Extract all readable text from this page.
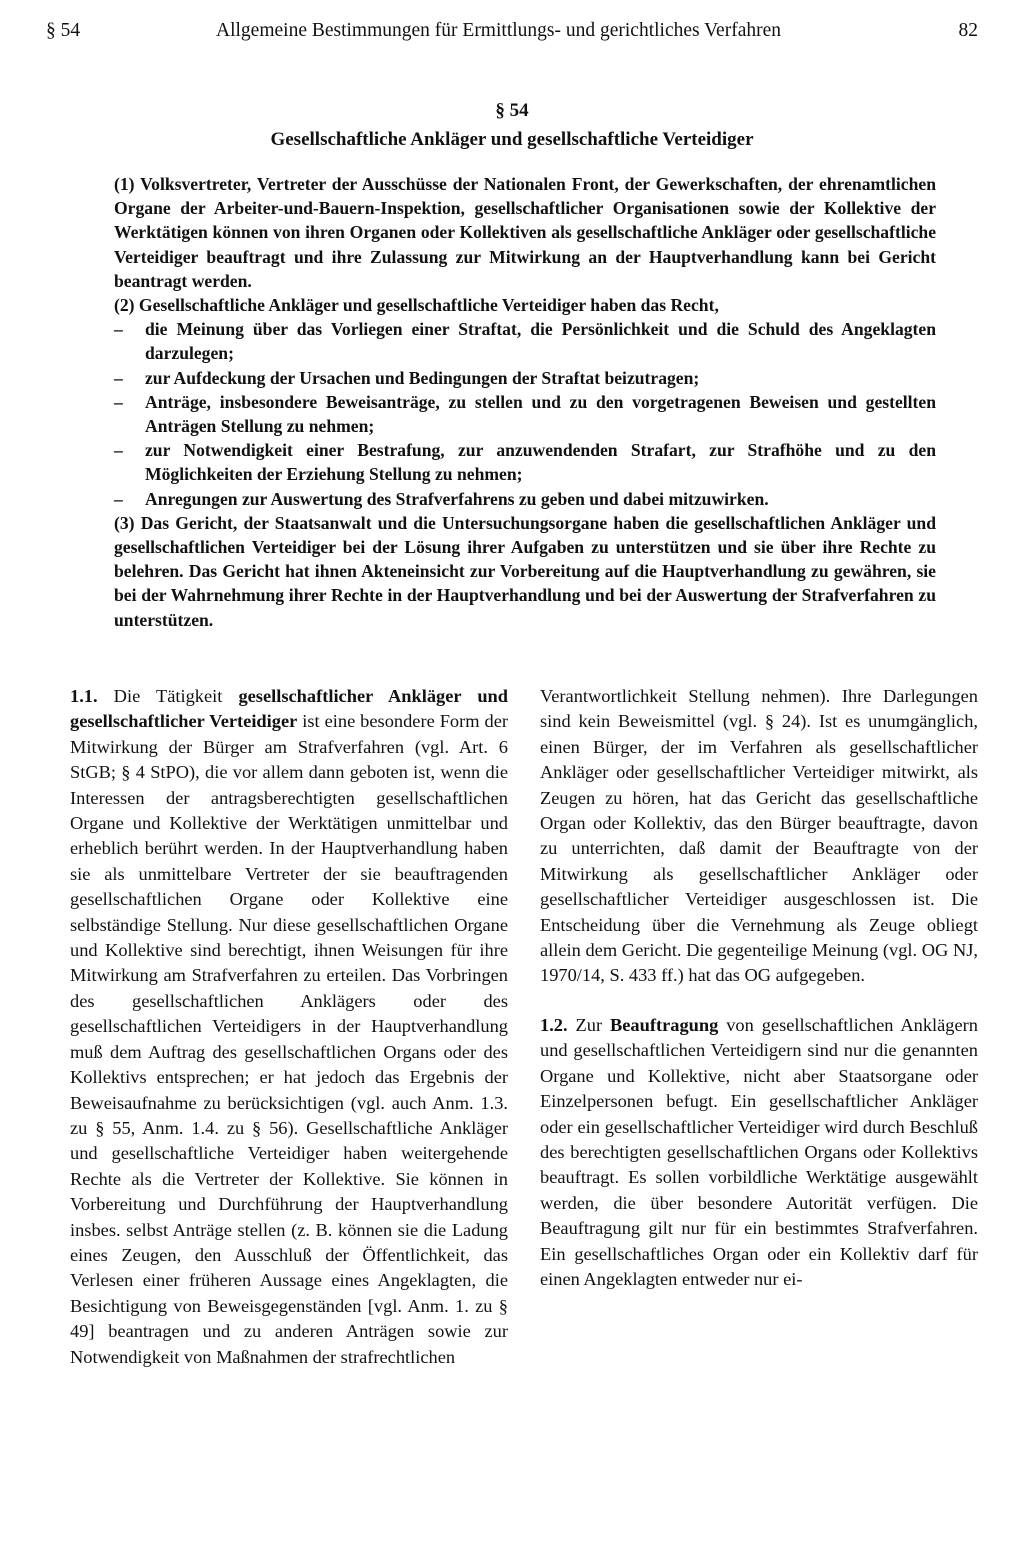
§ 54	Allgemeine Bestimmungen für Ermittlungs- und gerichtliches Verfahren	82
§ 54
Gesellschaftliche Ankläger und gesellschaftliche Verteidiger

(1) Volksvertreter, Vertreter der Ausschüsse der Nationalen Front, der Gewerkschaften, der ehrenamtlichen Organe der Arbeiter-und-Bauern-Inspektion, gesellschaftlicher Organisationen sowie der Kollektive der Werktätigen können von ihren Organen oder Kollektiven als gesellschaftliche Ankläger oder gesellschaftliche Verteidiger beauftragt und ihre Zulassung zur Mitwirkung an der Hauptverhandlung kann bei Gericht beantragt werden.

(2) Gesellschaftliche Ankläger und gesellschaftliche Verteidiger haben das Recht,

–	die Meinung über das Vorliegen einer Straftat, die Persönlichkeit und die Schuld des Angeklagten darzulegen;
–	zur Aufdeckung der Ursachen und Bedingungen der Straftat beizutragen;
–	Anträge, insbesondere Beweisanträge, zu stellen und zu den vorgetragenen Beweisen und gestellten Anträgen Stellung zu nehmen;
–	zur Notwendigkeit einer Bestrafung, zur anzuwendenden Strafart, zur Strafhöhe und zu den Möglichkeiten der Erziehung Stellung zu nehmen;
–	Anregungen zur Auswertung des Strafverfahrens zu geben und dabei mitzuwirken.

(3) Das Gericht, der Staatsanwalt und die Untersuchungsorgane haben die gesellschaftlichen Ankläger und gesellschaftlichen Verteidiger bei der Lösung ihrer Aufgaben zu unterstützen und sie über ihre Rechte zu belehren. Das Gericht hat ihnen Akteneinsicht zur Vorbereitung auf die Hauptverhandlung zu gewähren, sie bei der Wahrnehmung ihrer Rechte in der Hauptverhandlung und bei der Auswertung der Strafverfahren zu unterstützen.

1.1. Die Tätigkeit gesellschaftlicher Ankläger und gesellschaftlicher Verteidiger ist eine besondere Form der Mitwirkung der Bürger am Strafverfahren (vgl. Art. 6 StGB; § 4 StPO), die vor allem dann geboten ist, wenn die Interessen der antragsberechtigten gesellschaftlichen Organe und Kollektive der Werktätigen unmittelbar und erheblich berührt werden. In der Hauptverhandlung haben sie als unmittelbare Vertreter der sie beauftragenden gesellschaftlichen Organe oder Kollektive eine selbständige Stellung. Nur diese gesellschaftlichen Organe und Kollektive sind berechtigt, ihnen Weisungen für ihre Mitwirkung am Strafverfahren zu erteilen. Das Vorbringen des gesellschaftlichen Anklägers oder des gesellschaftlichen Verteidigers in der Hauptverhandlung muß dem Auftrag des gesellschaftlichen Organs oder des Kollektivs entsprechen; er hat jedoch das Ergebnis der Beweisaufnahme zu berücksichtigen (vgl. auch Anm. 1.3. zu § 55, Anm. 1.4. zu § 56). Gesellschaftliche Ankläger und gesellschaftliche Verteidiger haben weitergehende Rechte als die Vertreter der Kollektive. Sie können in Vorbereitung und Durchführung der Hauptverhandlung insbes. selbst Anträge stellen (z. B. können sie die Ladung eines Zeugen, den Ausschluß der Öffentlichkeit, das Verlesen einer früheren Aussage eines Angeklagten, die Besichtigung von Beweisgegenständen [vgl. Anm. 1. zu § 49] beantragen und zu anderen Anträgen sowie zur Notwendigkeit von Maßnahmen der strafrechtlichen

Verantwortlichkeit Stellung nehmen). Ihre Darlegungen sind kein Beweismittel (vgl. § 24). Ist es unumgänglich, einen Bürger, der im Verfahren als gesellschaftlicher Ankläger oder gesellschaftlicher Verteidiger mitwirkt, als Zeugen zu hören, hat das Gericht das gesellschaftliche Organ oder Kollektiv, das den Bürger beauftragte, davon zu unterrichten, daß damit der Beauftragte von der Mitwirkung als gesellschaftlicher Ankläger oder gesellschaftlicher Verteidiger ausgeschlossen ist. Die Entscheidung über die Vernehmung als Zeuge obliegt allein dem Gericht. Die gegenteilige Meinung (vgl. OG NJ, 1970/14, S. 433 ff.) hat das OG aufgegeben.

1.2. Zur Beauftragung von gesellschaftlichen Anklägern und gesellschaftlichen Verteidigern sind nur die genannten Organe und Kollektive, nicht aber Staatsorgane oder Einzelpersonen befugt. Ein gesellschaftlicher Ankläger oder ein gesellschaftlicher Verteidiger wird durch Beschluß des berechtigten gesellschaftlichen Organs oder Kollektivs beauftragt. Es sollen vorbildliche Werktätige ausgewählt werden, die über besondere Autorität verfügen. Die Beauftragung gilt nur für ein bestimmtes Strafverfahren. Ein gesellschaftliches Organ oder ein Kollektiv darf für einen Angeklagten entweder nur ei-
